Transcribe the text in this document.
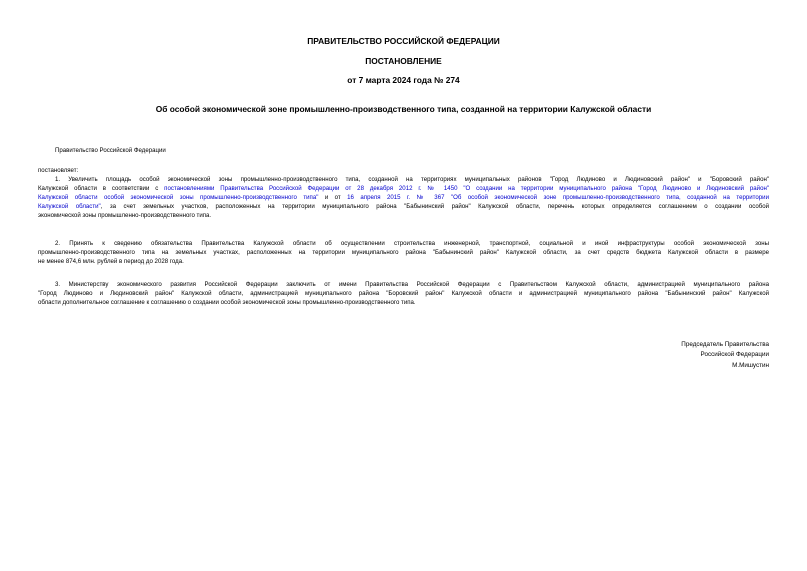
ПРАВИТЕЛЬСТВО РОССИЙСКОЙ ФЕДЕРАЦИИ
ПОСТАНОВЛЕНИЕ
от 7 марта 2024 года № 274
Об особой экономической зоне промышленно-производственного типа, созданной на территории Калужской области
Правительство Российской Федерации
постановляет:
1. Увеличить площадь особой экономической зоны промышленно-производственного типа, созданной на территориях муниципальных районов "Город Людиново и Людиновский район" и "Боровский район"
Калужской области в соответствии с постановлениями Правительства Российской Федерации от 28 декабря 2012 г. № 1450 "О создании на территории муниципального района "Город Людиново и Людиновский район"
Калужской области особой экономической зоны промышленно-производственного типа" и от 16 апреля 2015 г. № 367 "Об особой экономической зоне промышленно-производственного типа, созданной на территории
Калужской области", за счет земельных участков, расположенных на территории муниципального района "Бабынинский район" Калужской области, перечень которых определяется соглашением о создании особой
экономической зоны промышленно-производственного типа.
2. Принять к сведению обязательства Правительства Калужской области об осуществлении строительства инженерной, транспортной, социальной и иной инфраструктуры особой экономической зоны
промышленно-производственного типа на земельных участках, расположенных на территории муниципального района "Бабынинский район" Калужской области, за счет средств бюджета Калужской области в размере
не менее 874,6 млн. рублей в период до 2028 года.
3. Министерству экономического развития Российской Федерации заключить от имени Правительства Российской Федерации с Правительством Калужской области, администрацией муниципального района
"Город Людиново и Людиновский район" Калужской области, администрацией муниципального района "Боровский район" Калужской области и администрацией муниципального района "Бабынинский район" Калужской
области дополнительное соглашение к соглашению о создании особой экономической зоны промышленно-производственного типа.
Председатель Правительства
Российской Федерации
М.Мишустин
